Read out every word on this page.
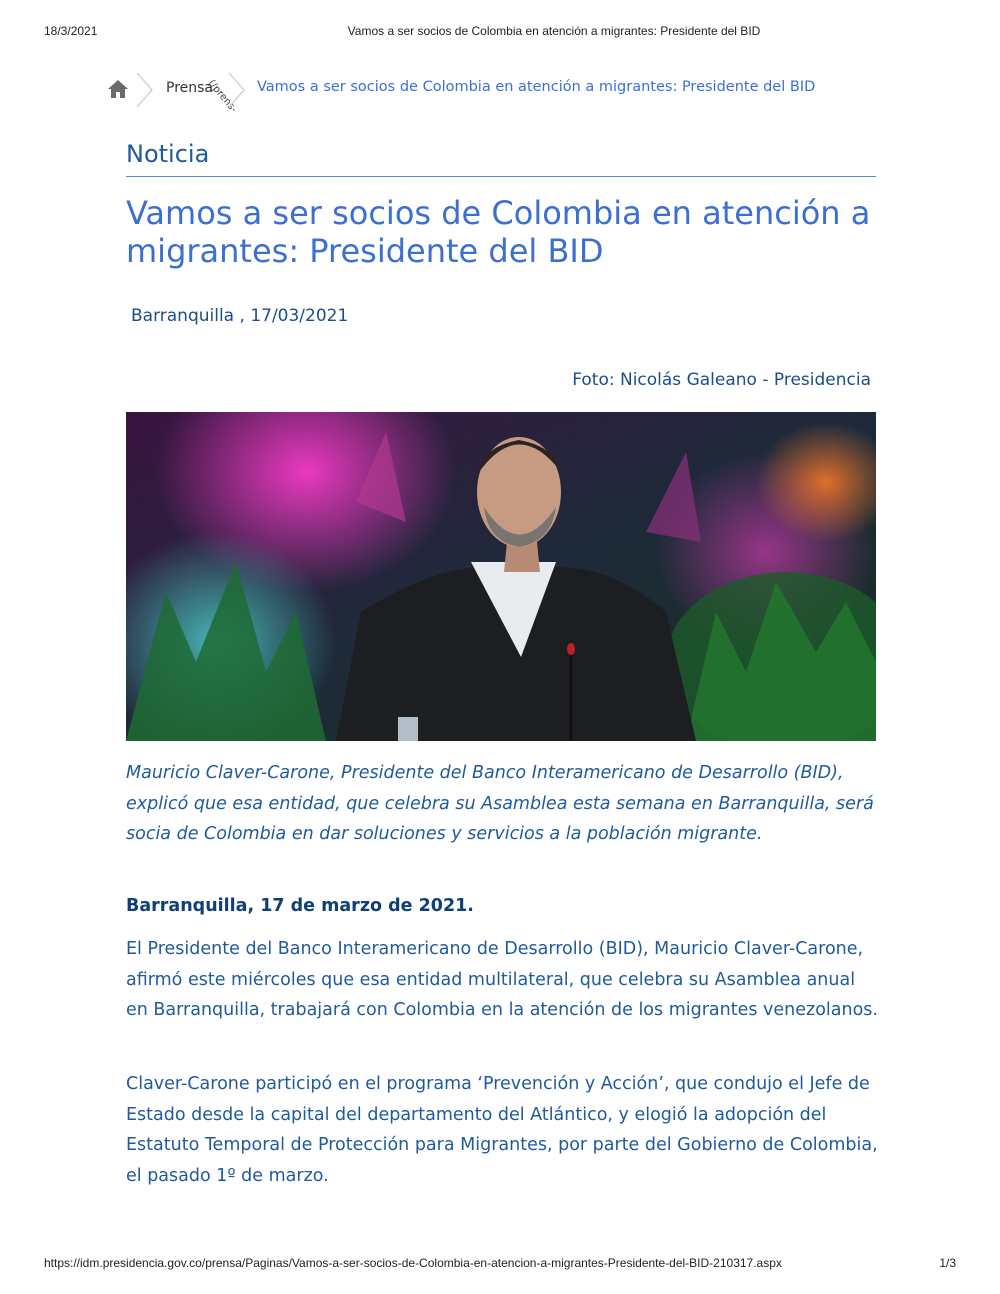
18/3/2021	Vamos a ser socios de Colombia en atención a migrantes: Presidente del BID
Prensa
(/prens- Vamos a ser socios de Colombia en atención a migrantes: Presidente del BID
Noticia
Vamos a ser socios de Colombia en atención a migrantes: Presidente del BID
Barranquilla , 17/03/2021
Foto: Nicolás Galeano - Presidencia

Mauricio Claver-Carone, Presidente del Banco Interamericano de Desarrollo (BID), explicó que esa entidad, que celebra su Asamblea esta semana en Barranquilla, será socia de Colombia en dar soluciones y servicios a la población migrante.

Barranquilla, 17 de marzo de 2021.

El Presidente del Banco Interamericano de Desarrollo (BID), Mauricio Claver-Carone, afirmó este miércoles que esa entidad multilateral, que celebra su Asamblea anual en Barranquilla, trabajará con Colombia en la atención de los migrantes venezolanos.

Claver-Carone participó en el programa ‘Prevención y Acción’, que condujo el Jefe de Estado desde la capital del departamento del Atlántico, y elogió la adopción del Estatuto Temporal de Protección para Migrantes, por parte del Gobierno de Colombia, el pasado 1º de marzo.

https://idm.presidencia.gov.co/prensa/Paginas/Vamos-a-ser-socios-de-Colombia-en-atencion-a-migrantes-Presidente-del-BID-210317.aspx	1/3
